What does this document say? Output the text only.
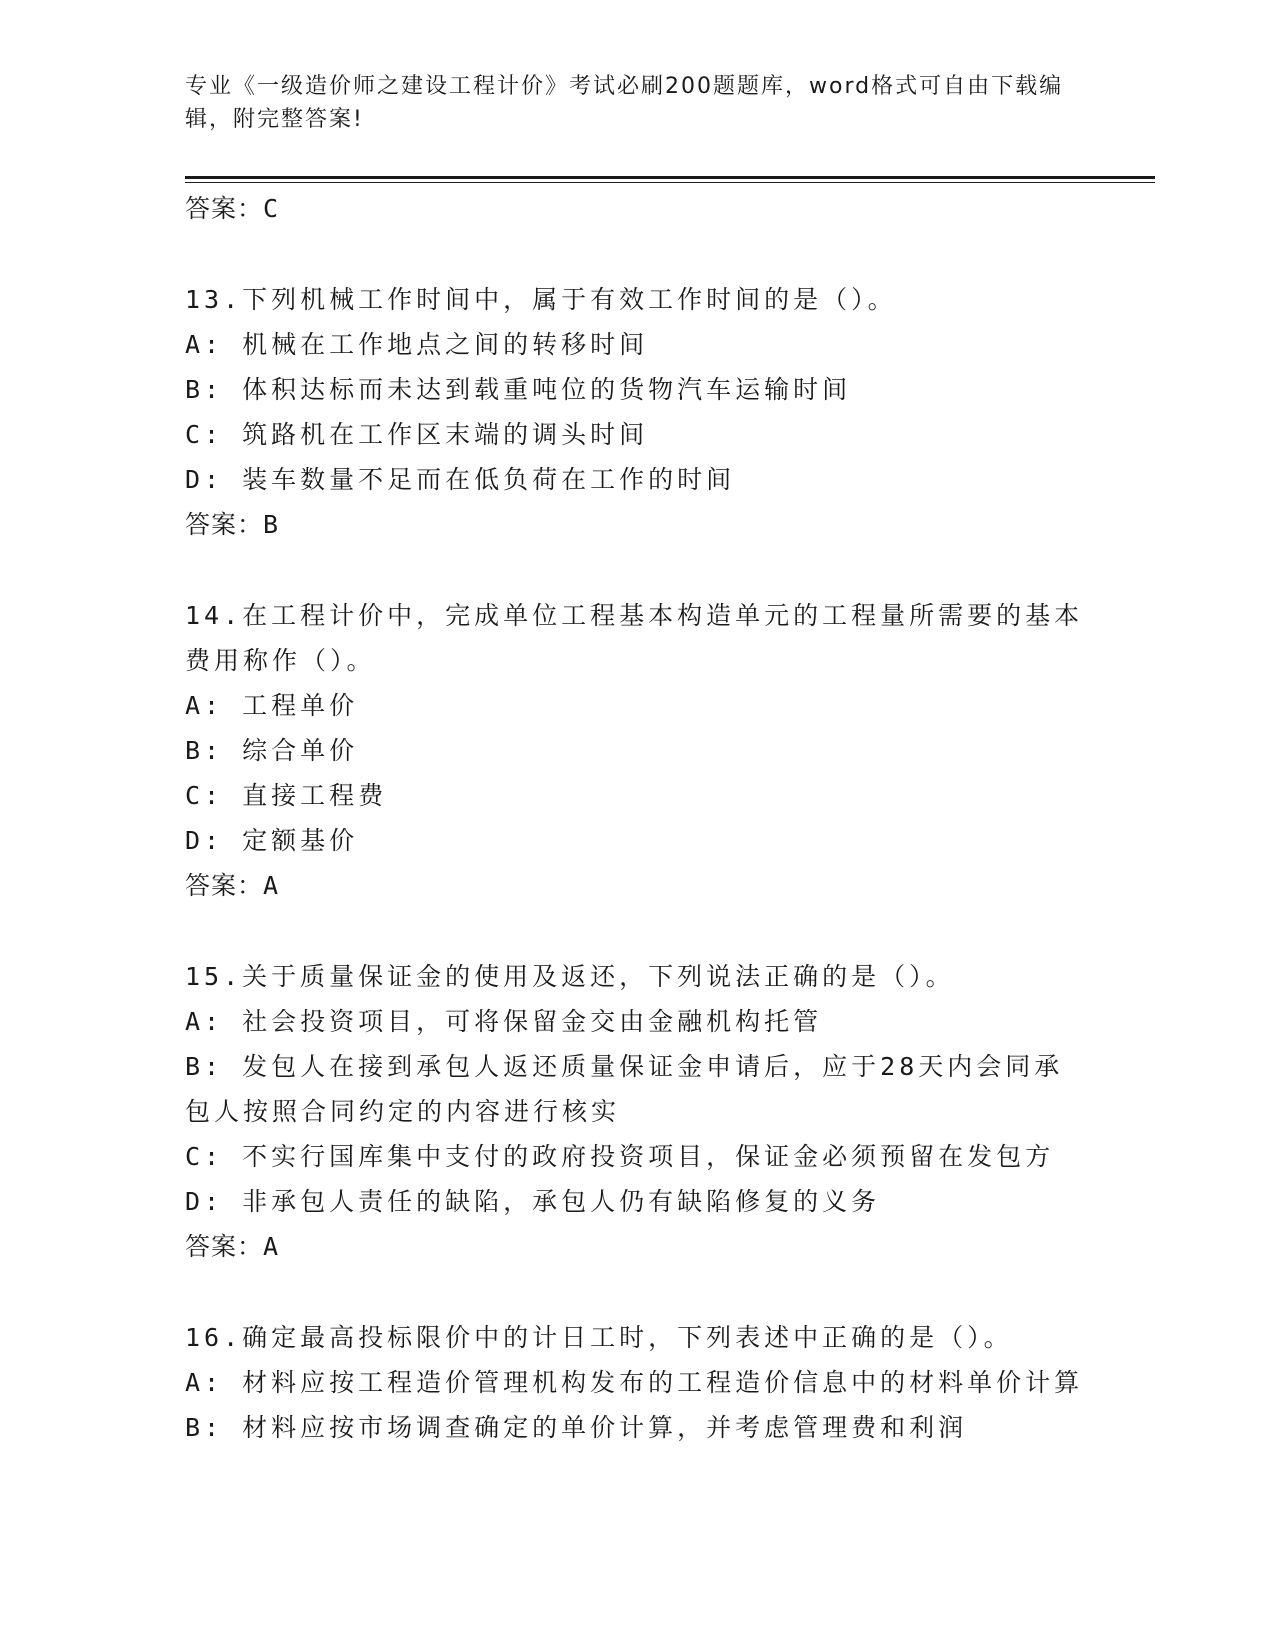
专业《一级造价师之建设工程计价》考试必刷200题题库，word格式可自由下载编辑，附完整答案!
答案：C
13.下列机械工作时间中，属于有效工作时间的是（）。
A: 机械在工作地点之间的转移时间
B: 体积达标而未达到载重吨位的货物汽车运输时间
C: 筑路机在工作区末端的调头时间
D: 装车数量不足而在低负荷在工作的时间
答案：B
14.在工程计价中，完成单位工程基本构造单元的工程量所需要的基本费用称作（）。
A: 工程单价
B: 综合单价
C: 直接工程费
D: 定额基价
答案：A
15.关于质量保证金的使用及返还，下列说法正确的是（）。
A: 社会投资项目，可将保留金交由金融机构托管
B: 发包人在接到承包人返还质量保证金申请后，应于28天内会同承包人按照合同约定的内容进行核实
C: 不实行国库集中支付的政府投资项目，保证金必须预留在发包方
D: 非承包人责任的缺陷，承包人仍有缺陷修复的义务
答案：A
16.确定最高投标限价中的计日工时，下列表述中正确的是（）。
A: 材料应按工程造价管理机构发布的工程造价信息中的材料单价计算
B: 材料应按市场调查确定的单价计算，并考虑管理费和利润
